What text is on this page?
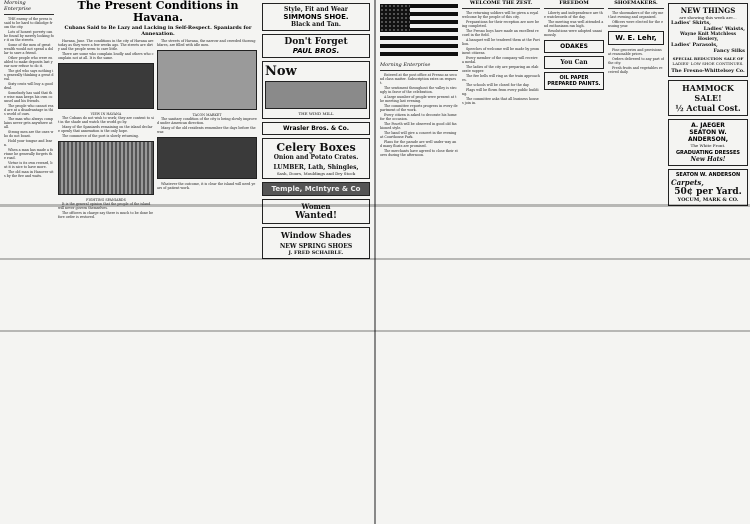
Morning Enterprise

THE enemy of the press is said to be hard to dislodge from the city.

Lots of honest poverty can be found by merely looking for it on the streets.

Some of the men of great wealth would not spend a dollar to save a friend.

Other people who were enabled to make deposits last year now refuse to do it.

The girl who says nothing is generally thinking a great deal.

Sixty cents will buy a good deal.

Somebody has said that the wise man keeps his own counsel and his friends.

The people who cannot read are at a disadvantage in this world of ours.

The man who always complains never gets anywhere at all.

Strong men are the ones who do not boast.

Hold your tongue and learn.

When a man has made a fortune he generally forgets the road.

Virtue is its own reward, but it is nice to have more.

The old man in Hanover sits by the fire and waits.

The Present Conditions in Havana.
Cubans Said to Be Lazy and Lacking in Self-Respect. Spaniards for Annexation.

Havana, June. The conditions in the city of Havana are today as they were a few weeks ago. The streets are dirty and the people seem to care little.

There are some who complain loudly and others who complain not at all. It is the same.

VIEW IN HAVANA

The Cubans do not wish to work; they are content to sit in the shade and watch the world go by.

Many of the Spaniards remaining on the island declare openly that annexation is the only hope.

The commerce of the port is slowly returning.

FIGHTING SPANIARDS

It is the general opinion that the people of the island will never govern themselves.

The officers in charge say there is much to be done before order is restored.

The streets of Havana, the narrow and crowded thoroughfares, are filled with idle men.

TACON MARKET

The sanitary condition of the city is being slowly improved under American direction.

Many of the old residents remember the days before the war.

Whatever the outcome, it is clear the island will need years of patient work.

Style, Fit and Wear
SIMMONS SHOE.
Black and Tan.
Don't Forget
PAUL BROS.
Now
THE WIND MILL
Wrasler Bros. & Co.
Celery Boxes
Onion and Potato Crates.
LUMBER, Lath, Shingles,
Sash, Doors, Mouldings and Dry Stock
Temple, McIntyre & Co
Women
Wanted!
Window Shades
NEW SPRING SHOES
J. FRED SCHAIBLE.
Morning Enterprise

Entered at the post office at Fresno as second class matter. Subscription rates on request.

The sentiment throughout the valley is strongly in favor of the celebration.

A large number of people were present at the meeting last evening.

The committee reports progress in every department of the work.

Every citizen is asked to decorate his home for the occasion.

The Fourth will be observed in good old fashioned style.

The band will give a concert in the evening at Courthouse Park.

Plans for the parade are well under way and many floats are promised.

The merchants have agreed to close their stores during the afternoon.

WELCOME THE ZEST.

The returning soldiers will be given a royal welcome by the people of this city.

Preparations for their reception are now being completed.

The Fresno boys have made an excellent record in the field.

A banquet will be tendered them at the Pavilion.

Speeches of welcome will be made by prominent citizens.

Every member of the company will receive a medal.

The ladies of the city are preparing an elaborate supper.

The fire bells will ring as the train approaches.

The schools will be closed for the day.

Flags will be flown from every public building.

The committee asks that all business houses join in.

FREEDOM

Liberty and independence are the watchwords of the day.

The meeting was well attended and enthusiasm ran high.

Resolutions were adopted unanimously.

ODAKES
You Can
OIL PAPER
PREPARED PAINTS.
SHOEMAKERS.

The shoemakers of the city met last evening and organized.

Officers were elected for the ensuing year.

W. E. Lehr,

Fine groceries and provisions at reasonable prices.

Orders delivered to any part of the city.

Fresh fruits and vegetables received daily.

NEW THINGS
are showing this week are...
Ladies' Skirts,
Ladies' Waists,
Wayne Knit Matchless Hosiery,
Ladies' Parasols,
Fancy Silks
SPECIAL REDUCTION SALE OF
LADIES' LOW SHOE CONTINUES.
The Fresno-Whittelsey Co.
HAMMOCK SALE!
½ Actual Cost.
A. JAEGER
SEATON W. ANDERSON,
The White Front.
GRADUATING DRESSES
New Hats!
SEATON W. ANDERSON
Carpets,
50¢ per Yard.
YOCUM, MARK & CO.
